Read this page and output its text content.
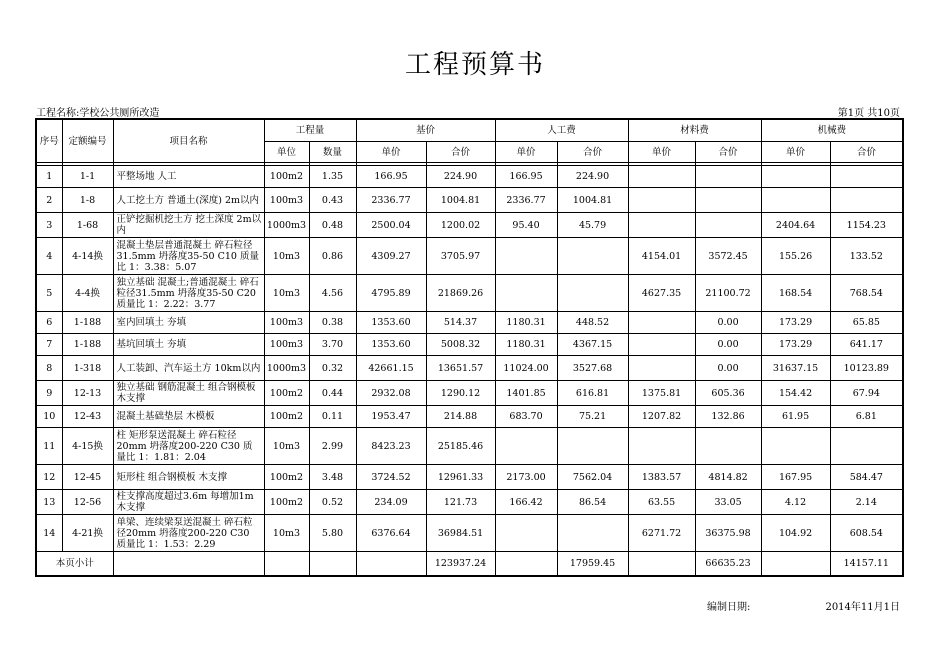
工程预算书
工程名称:学校公共厕所改造	第1页 共10页
序号	定额编号	项目名称	工程量		基价		人工费		材料费		机械费	
			单位	数量	单价	合价	单价	合价	单价	合价	单价	合价

1	1-1	平整场地 人工	100m2	1.35	166.95	224.90	166.95	224.90				
2	1-8	人工挖土方 普通土(深度) 2m以内	100m3	0.43	2336.77	1004.81	2336.77	1004.81				
3	1-68	正铲挖掘机挖土方 挖土深度 2m以内	1000m3	0.48	2500.04	1200.02	95.40	45.79			2404.64	1154.23
4	4-14换	混凝土垫层普通混凝土 碎石粒径31.5mm 坍落度35-50 C10 质量比 1：3.38：5.07	10m3	0.86	4309.27	3705.97			4154.01	3572.45	155.26	133.52
5	4-4换	独立基础 混凝土;普通混凝土 碎石粒径31.5mm 坍落度35-50 C20 质量比 1：2.22：3.77	10m3	4.56	4795.89	21869.26			4627.35	21100.72	168.54	768.54
6	1-188	室内回填土 夯填	100m3	0.38	1353.60	514.37	1180.31	448.52		0.00	173.29	65.85
7	1-188	基坑回填土 夯填	100m3	3.70	1353.60	5008.32	1180.31	4367.15		0.00	173.29	641.17
8	1-318	人工装卸、汽车运土方 10km以内	1000m3	0.32	42661.15	13651.57	11024.00	3527.68		0.00	31637.15	10123.89
9	12-13	独立基础 钢筋混凝土 组合钢模板 木支撑	100m2	0.44	2932.08	1290.12	1401.85	616.81	1375.81	605.36	154.42	67.94
10	12-43	混凝土基础垫层 木模板	100m2	0.11	1953.47	214.88	683.70	75.21	1207.82	132.86	61.95	6.81
11	4-15换	柱 矩形泵送混凝土 碎石粒径20mm 坍落度200-220 C30 质量比 1：1.81：2.04	10m3	2.99	8423.23	25185.46						
12	12-45	矩形柱 组合钢模板 木支撑	100m2	3.48	3724.52	12961.33	2173.00	7562.04	1383.57	4814.82	167.95	584.47
13	12-56	柱支撑高度超过3.6m 每增加1m 木支撑	100m2	0.52	234.09	121.73	166.42	86.54	63.55	33.05	4.12	2.14
14	4-21换	单梁、连续梁泵送混凝土 碎石粒径20mm 坍落度200-220 C30 质量比 1：1.53：2.29	10m3	5.80	6376.64	36984.51			6271.72	36375.98	104.92	608.54
本页小计						123937.24		17959.45		66635.23		14157.11
编制日期:	2014年11月1日
